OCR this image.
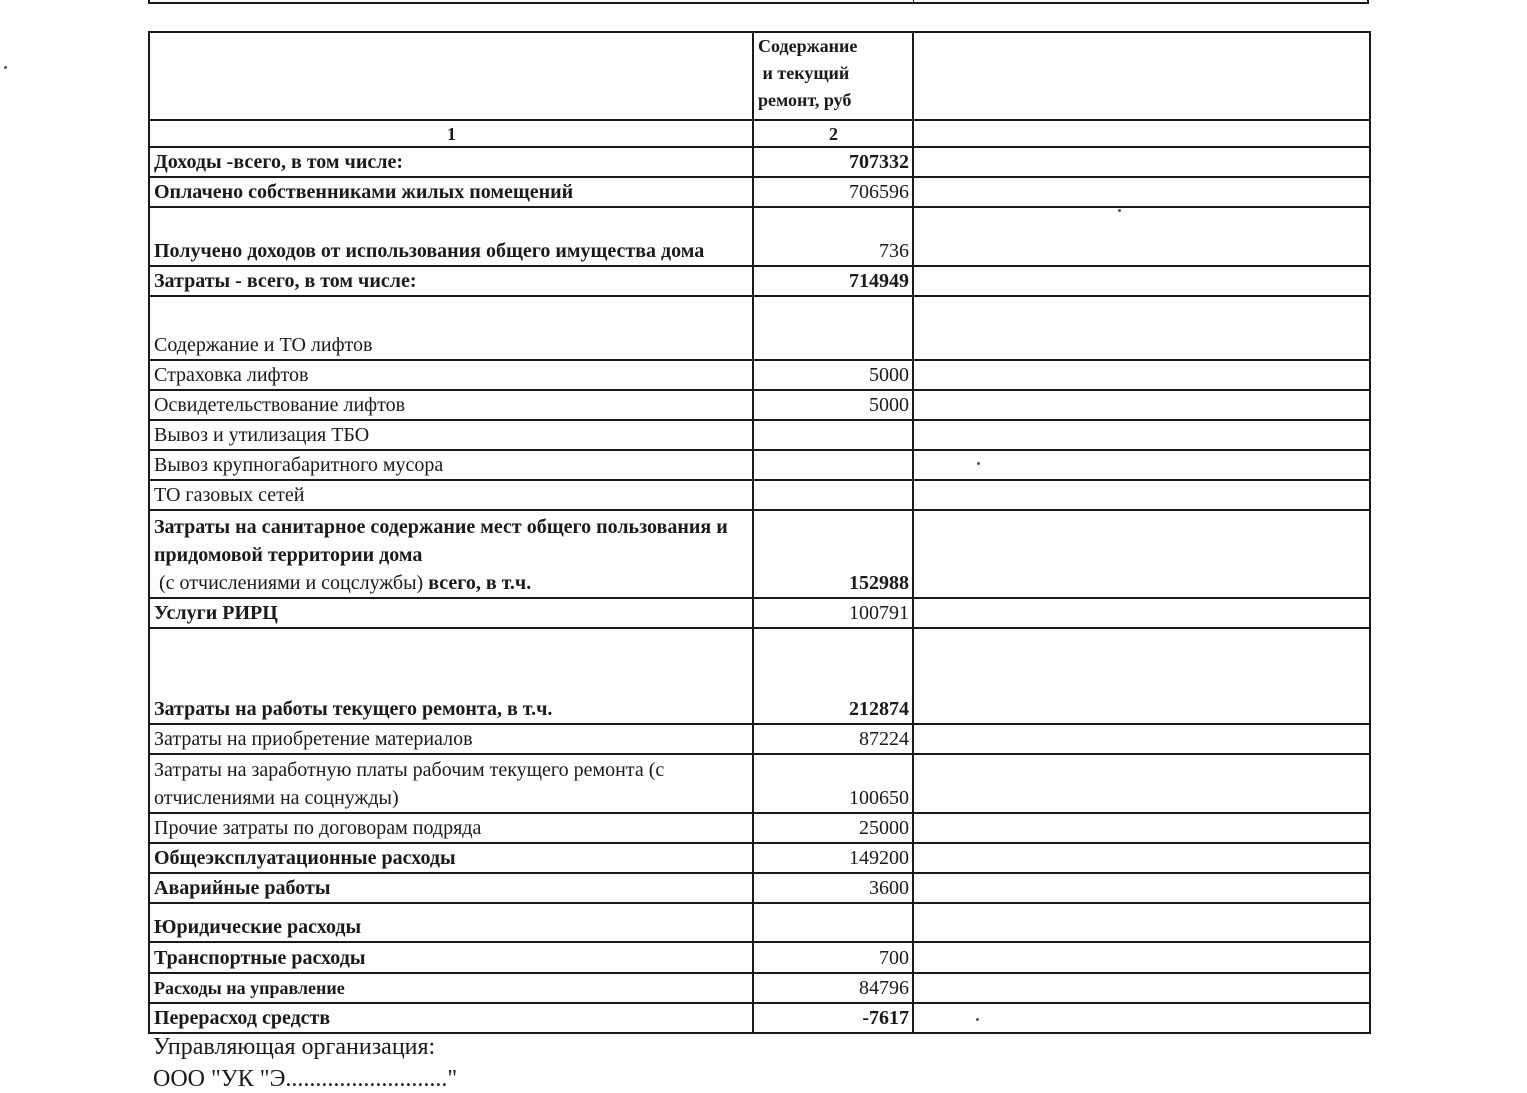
	Содержание
и текущий
ремонт, руб	

1	2	
Доходы -всего, в том числе:	707332	
Оплачено собственниками жилых помещений	706596	
Получено доходов от использования общего имущества дома	736	
Затраты - всего, в том числе:	714949	
Содержание и ТО лифтов		
Страховка лифтов	5000	
Освидетельствование лифтов	5000	
Вывоз и утилизация ТБО		
Вывоз крупногабаритного мусора		
ТО газовых сетей		
Затраты на санитарное содержание мест общего пользования и придомовой территории дома (с отчислениями и соцслужбы) всего, в т.ч.	152988	
Услуги РИРЦ	100791	
Затраты на работы текущего ремонта, в т.ч.	212874	
Затраты на приобретение материалов	87224	
Затраты на заработную платы рабочим текущего ремонта (с отчислениями на соцнужды)	100650	
Прочие затраты по договорам подряда	25000	
Общеэксплуатационные расходы	149200	
Аварийные работы	3600	
Юридические расходы		
Транспортные расходы	700	
Расходы на управление	84796	
Перерасход средств	-7617	
Управляющая организация:
ООО "УК "Э..........................."
